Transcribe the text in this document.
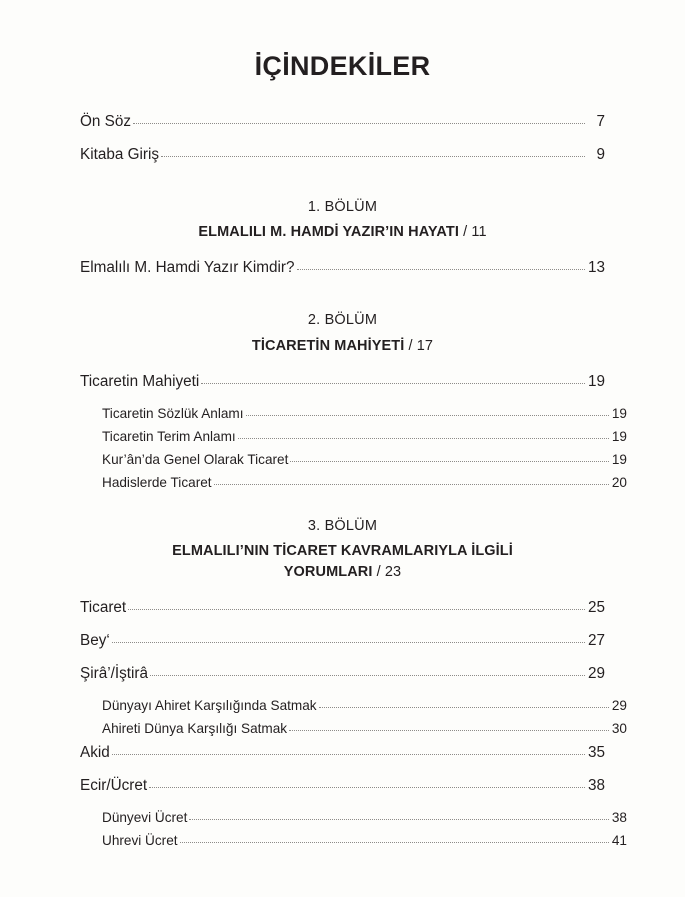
İÇİNDEKİLER
Ön Söz	7
Kitaba Giriş	9
1. BÖLÜM
ELMALILI M. HAMDİ YAZIR’IN HAYATI / 11
Elmalılı M. Hamdi Yazır Kimdir?	13
2. BÖLÜM
TİCARETİN MAHİYETİ / 17
Ticaretin Mahiyeti	19
Ticaretin Sözlük Anlamı	19
Ticaretin Terim Anlamı	19
Kur’ân’da Genel Olarak Ticaret	19
Hadislerde Ticaret	20
3. BÖLÜM
ELMALILI’NIN TİCARET KAVRAMLARIYLA İLGİLİ
YORUMLARI / 23
Ticaret	25
Bey‘	27
Şirâ’/İştirâ	29
Dünyayı Ahiret Karşılığında Satmak	29
Ahireti Dünya Karşılığı Satmak	30
Akid	35
Ecir/Ücret	38
Dünyevi Ücret	38
Uhrevi Ücret	41
